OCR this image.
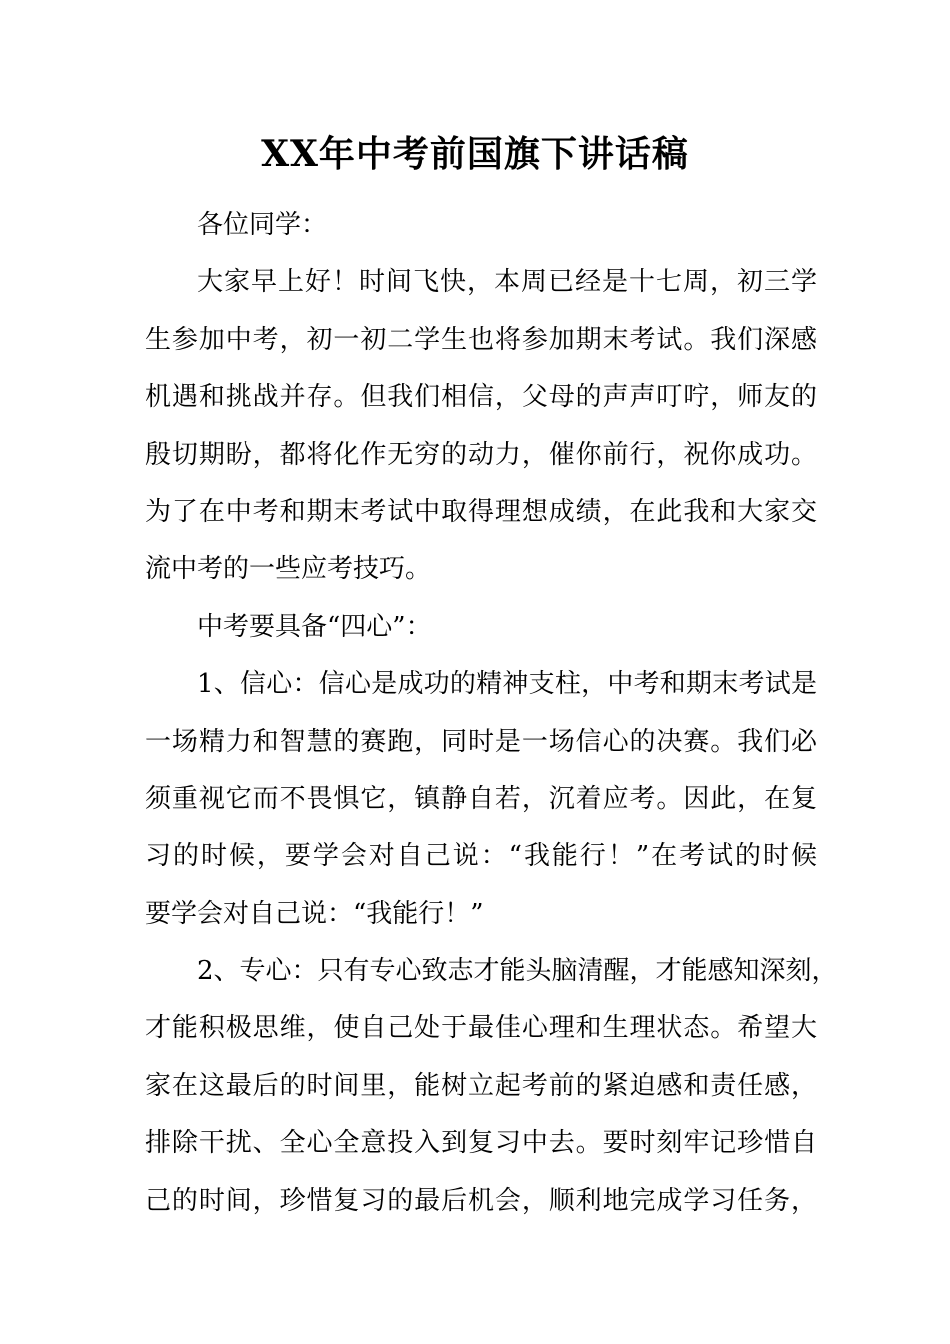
XX年中考前国旗下讲话稿
各位同学：
大家早上好！时间飞快，本周已经是十七周，初三学
生参加中考，初一初二学生也将参加期末考试。我们深感
机遇和挑战并存。但我们相信，父母的声声叮咛，师友的
殷切期盼，都将化作无穷的动力，催你前行，祝你成功。
为了在中考和期末考试中取得理想成绩，在此我和大家交
流中考的一些应考技巧。
中考要具备“四心”：
1、信心：信心是成功的精神支柱，中考和期末考试是
一场精力和智慧的赛跑，同时是一场信心的决赛。我们必
须重视它而不畏惧它，镇静自若，沉着应考。因此，在复
习的时候，要学会对自己说：“我能行！”在考试的时候
要学会对自己说：“我能行！”
2、专心：只有专心致志才能头脑清醒，才能感知深刻，
才能积极思维，使自己处于最佳心理和生理状态。希望大
家在这最后的时间里，能树立起考前的紧迫感和责任感，
排除干扰、全心全意投入到复习中去。要时刻牢记珍惜自
己的时间，珍惜复习的最后机会，顺利地完成学习任务，
